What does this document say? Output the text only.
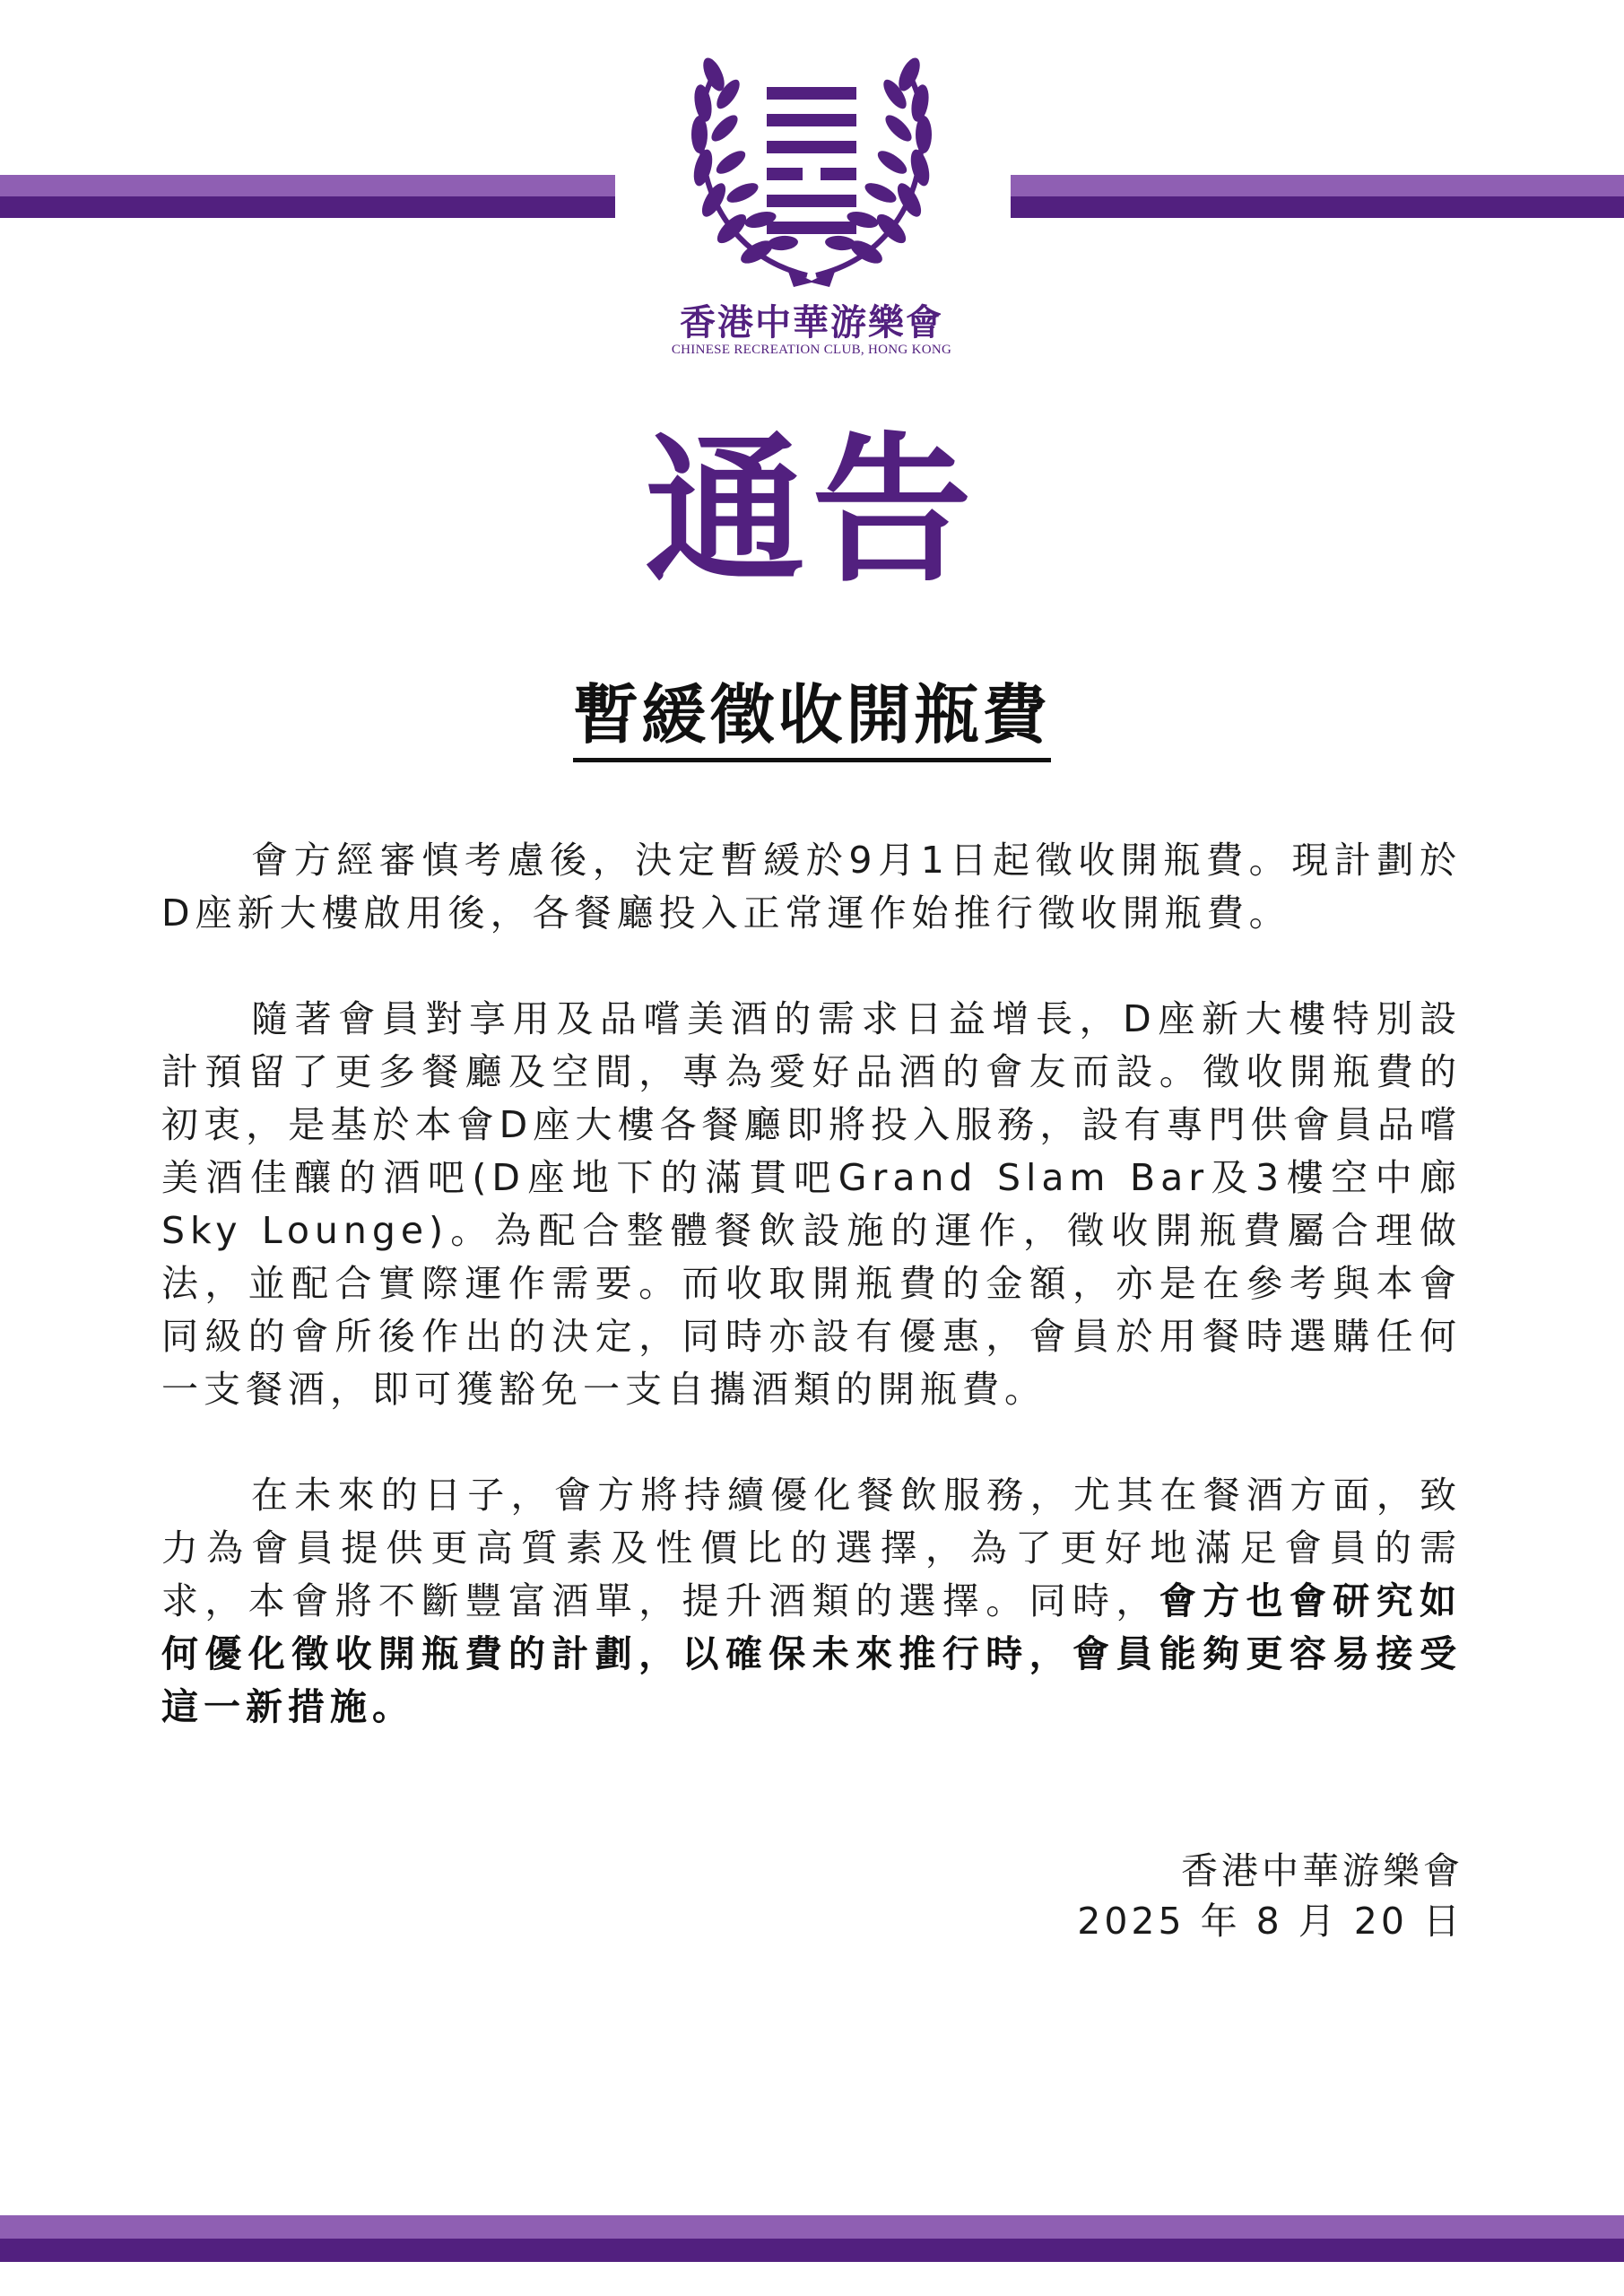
香港中華游樂會
CHINESE RECREATION CLUB, HONG KONG
通告
暫緩徵收開瓶費

會方經審慎考慮後，決定暫緩於9月1日起徵收開瓶費。現計劃於D座新大樓啟用後，各餐廳投入正常運作始推行徵收開瓶費。

隨著會員對享用及品嚐美酒的需求日益增長，D座新大樓特別設計預留了更多餐廳及空間，專為愛好品酒的會友而設。徵收開瓶費的初衷，是基於本會D座大樓各餐廳即將投入服務，設有專門供會員品嚐美酒佳釀的酒吧(D座地下的滿貫吧Grand Slam Bar及3樓空中廊Sky Lounge)。為配合整體餐飲設施的運作，徵收開瓶費屬合理做法，並配合實際運作需要。而收取開瓶費的金額，亦是在參考與本會同級的會所後作出的決定，同時亦設有優惠，會員於用餐時選購任何一支餐酒，即可獲豁免一支自攜酒類的開瓶費。

在未來的日子，會方將持續優化餐飲服務，尤其在餐酒方面，致力為會員提供更高質素及性價比的選擇，為了更好地滿足會員的需求，本會將不斷豐富酒單，提升酒類的選擇。同時，會方也會研究如何優化徵收開瓶費的計劃，以確保未來推行時，會員能夠更容易接受這一新措施。

香港中華游樂會
2025 年 8 月 20 日
